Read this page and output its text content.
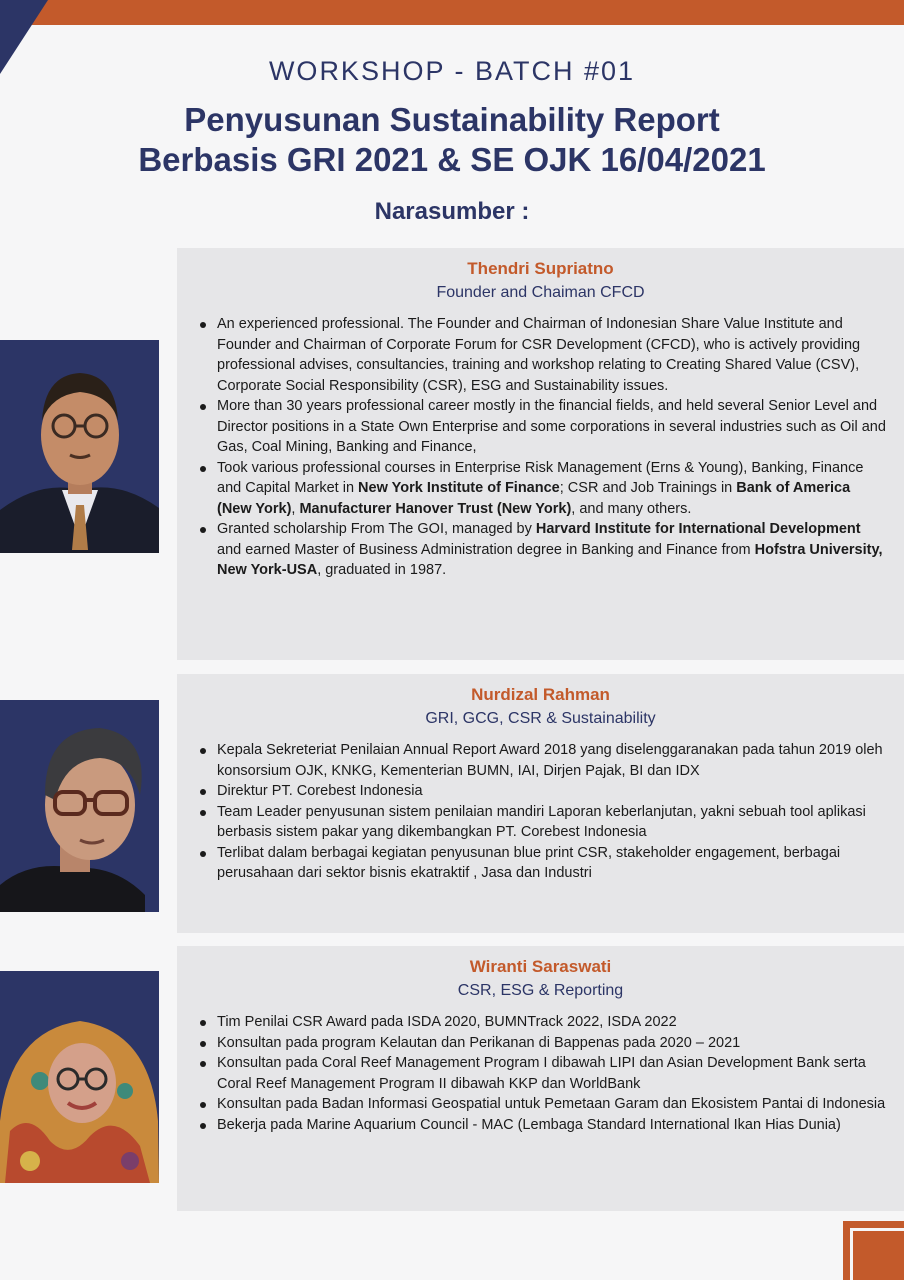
WORKSHOP - BATCH #01
Penyusunan Sustainability Report
Berbasis GRI 2021 & SE OJK 16/04/2021
Narasumber :
Thendri Supriatno
Founder and Chaiman CFCD
An experienced professional. The Founder and Chairman of Indonesian Share Value Institute and Founder and Chairman of Corporate Forum for CSR Development (CFCD), who is actively providing professional advises, consultancies, training and workshop relating to Creating Shared Value (CSV), Corporate Social Responsibility (CSR), ESG and Sustainability issues.
More than 30 years professional career mostly in the financial fields, and held several Senior Level and Director positions in a State Own Enterprise and some corporations in several industries such as Oil and Gas, Coal Mining, Banking and Finance,
Took various professional courses in Enterprise Risk Management (Erns & Young), Banking, Finance and Capital Market in New York Institute of Finance; CSR and Job Trainings in Bank of America (New York), Manufacturer Hanover Trust (New York), and many others.
Granted scholarship From The GOI, managed by Harvard Institute for International Development and earned Master of Business Administration degree in Banking and Finance from Hofstra University, New York-USA, graduated in 1987.
Nurdizal Rahman
GRI, GCG, CSR & Sustainability
Kepala Sekreteriat Penilaian Annual Report Award 2018 yang diselenggaranakan pada tahun 2019 oleh konsorsium OJK, KNKG, Kementerian BUMN, IAI, Dirjen Pajak, BI dan IDX
Direktur PT. Corebest Indonesia
Team Leader penyusunan sistem penilaian mandiri Laporan keberlanjutan, yakni sebuah tool aplikasi berbasis sistem pakar yang dikembangkan PT. Corebest Indonesia
Terlibat dalam berbagai kegiatan penyusunan blue print CSR, stakeholder engagement, berbagai perusahaan dari sektor bisnis ekatraktif , Jasa dan Industri
Wiranti Saraswati
CSR, ESG & Reporting
Tim Penilai CSR Award pada ISDA 2020, BUMNTrack 2022, ISDA 2022
Konsultan pada program Kelautan dan Perikanan di Bappenas pada 2020 – 2021
Konsultan pada Coral Reef Management Program I dibawah LIPI dan Asian Development Bank serta Coral Reef Management Program II dibawah KKP dan WorldBank
Konsultan pada Badan Informasi Geospatial untuk Pemetaan Garam dan Ekosistem Pantai di Indonesia
Bekerja pada Marine Aquarium Council - MAC (Lembaga Standard International Ikan Hias Dunia)
